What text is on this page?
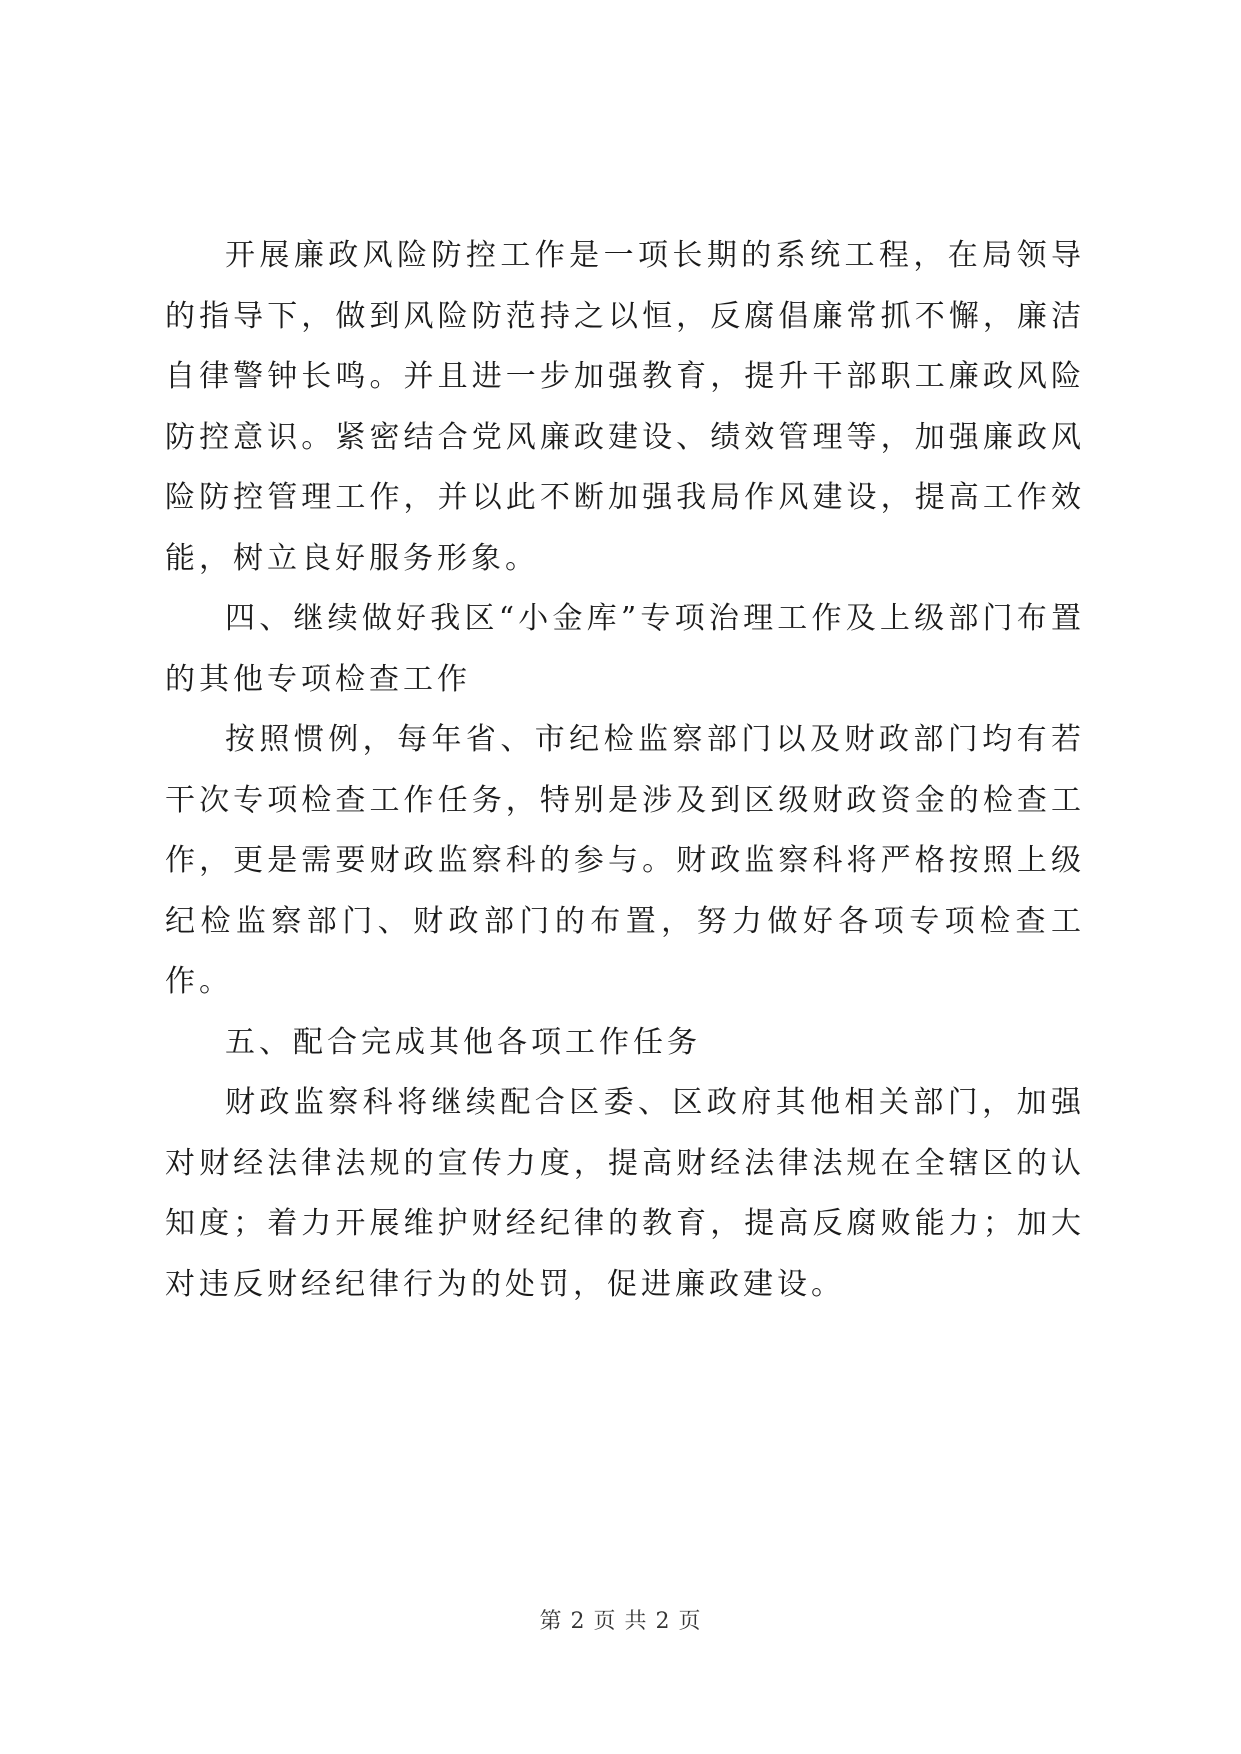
开展廉政风险防控工作是一项长期的系统工程，在局领导的指导下，做到风险防范持之以恒，反腐倡廉常抓不懈，廉洁自律警钟长鸣。并且进一步加强教育，提升干部职工廉政风险防控意识。紧密结合党风廉政建设、绩效管理等，加强廉政风险防控管理工作，并以此不断加强我局作风建设，提高工作效能，树立良好服务形象。

四、继续做好我区“小金库”专项治理工作及上级部门布置的其他专项检查工作

按照惯例，每年省、市纪检监察部门以及财政部门均有若干次专项检查工作任务，特别是涉及到区级财政资金的检查工作，更是需要财政监察科的参与。财政监察科将严格按照上级纪检监察部门、财政部门的布置，努力做好各项专项检查工作。

五、配合完成其他各项工作任务

财政监察科将继续配合区委、区政府其他相关部门，加强对财经法律法规的宣传力度，提高财经法律法规在全辖区的认知度；着力开展维护财经纪律的教育，提高反腐败能力；加大对违反财经纪律行为的处罚，促进廉政建设。

第 2 页 共 2 页
